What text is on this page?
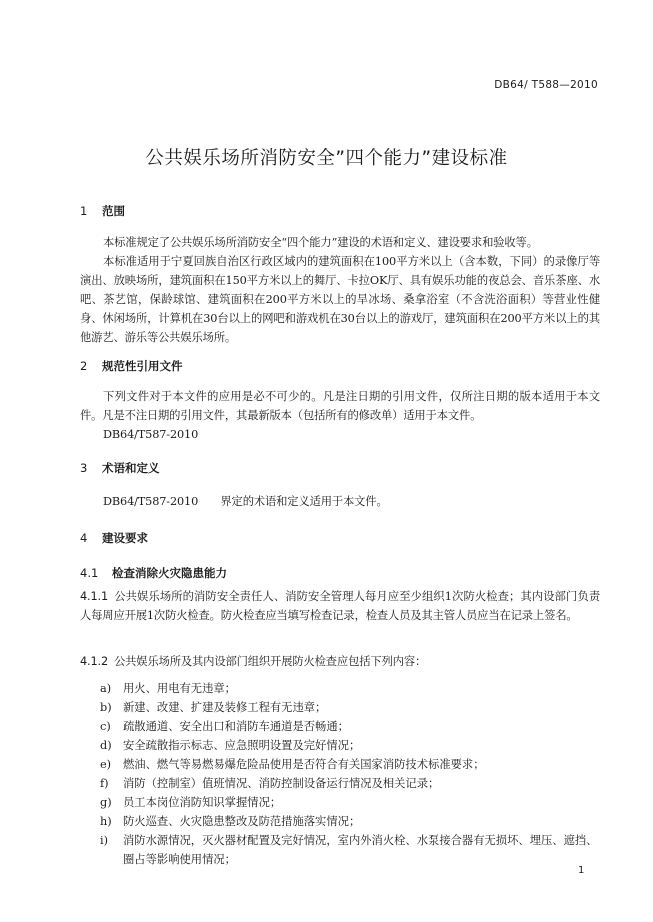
DB64/ T588—2010
公共娱乐场所消防安全”四个能力”建设标准
1 范围
本标准规定了公共娱乐场所消防安全“四个能力”建设的术语和定义、建设要求和验收等。
本标准适用于宁夏回族自治区行政区域内的建筑面积在100平方米以上（含本数，下同）的录像厅等演出、放映场所，建筑面积在150平方米以上的舞厅、卡拉OK厅、具有娱乐功能的夜总会、音乐茶座、水吧、茶艺馆，保龄球馆、建筑面积在200平方米以上的旱冰场、桑拿浴室（不含洗浴面积）等营业性健身、休闲场所，计算机在30台以上的网吧和游戏机在30台以上的游戏厅，建筑面积在200平方米以上的其他游艺、游乐等公共娱乐场所。
2 规范性引用文件
下列文件对于本文件的应用是必不可少的。凡是注日期的引用文件，仅所注日期的版本适用于本文件。凡是不注日期的引用文件，其最新版本（包括所有的修改单）适用于本文件。
DB64/T587-2010
3 术语和定义
DB64/T587-2010　　界定的术语和定义适用于本文件。
4 建设要求
4.1 检查消除火灾隐患能力
4.1.1 公共娱乐场所的消防安全责任人、消防安全管理人每月应至少组织1次防火检查；其内设部门负责人每周应开展1次防火检查。防火检查应当填写检查记录，检查人员及其主管人员应当在记录上签名。
4.1.2 公共娱乐场所及其内设部门组织开展防火检查应包括下列内容：
a)	用火、用电有无违章；
b)	新建、改建、扩建及装修工程有无违章；
c)	疏散通道、安全出口和消防车通道是否畅通；
d)	安全疏散指示标志、应急照明设置及完好情况；
e)	燃油、燃气等易燃易爆危险品使用是否符合有关国家消防技术标准要求；
f)	消防（控制室）值班情况、消防控制设备运行情况及相关记录；
g)	员工本岗位消防知识掌握情况；
h)	防火巡查、火灾隐患整改及防范措施落实情况；
i)	消防水源情况，灭火器材配置及完好情况，室内外消火栓、水泵接合器有无损坏、埋压、遮挡、圈占等影响使用情况；
1
